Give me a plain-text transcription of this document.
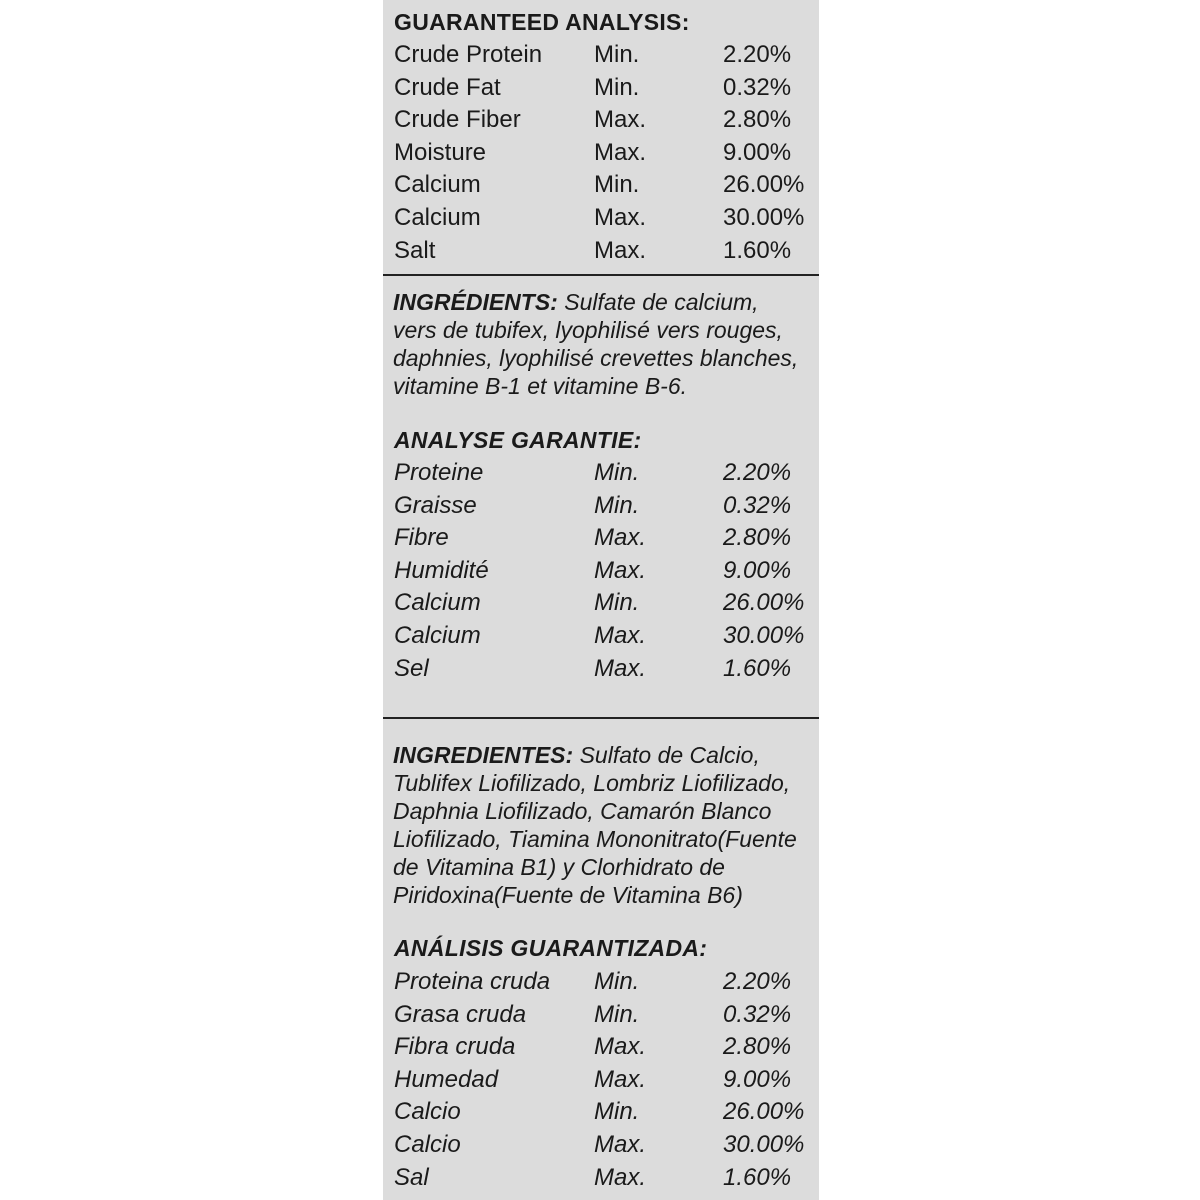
GUARANTEED ANALYSIS:
Crude Protein Min.	2.20%
Crude Fat	Min.	0.32%
Crude Fiber	Max.	2.80%
Moisture	Max.	9.00%
Calcium	Min.	26.00%
Calcium	Max.	30.00%
Salt	Max.	1.60%
INGRÉDIENTS: Sulfate de calcium,
vers de tubifex, lyophilisé vers rouges,
daphnies, lyophilisé crevettes blanches,
vitamine B-1 et vitamine B-6.
ANALYSE GARANTIE:
Proteine	Min.	2.20%
Graisse	Min.	0.32%
Fibre	Max.	2.80%
Humidité	Max.	9.00%
Calcium	Min.	26.00%
Calcium	Max.	30.00%
Sel	Max.	1.60%
INGREDIENTES: Sulfato de Calcio,
Tublifex Liofilizado, Lombriz Liofilizado,
Daphnia Liofilizado, Camarón Blanco
Liofilizado, Tiamina Mononitrato(Fuente
de Vitamina B1) y Clorhidrato de
Piridoxina(Fuente de Vitamina B6)
ANÁLISIS GUARANTIZADA:
Proteina cruda Min.	2.20%
Grasa cruda	Min.	0.32%
Fibra cruda	Max.	2.80%
Humedad	Max.	9.00%
Calcio	Min.	26.00%
Calcio	Max.	30.00%
Sal	Max.	1.60%
